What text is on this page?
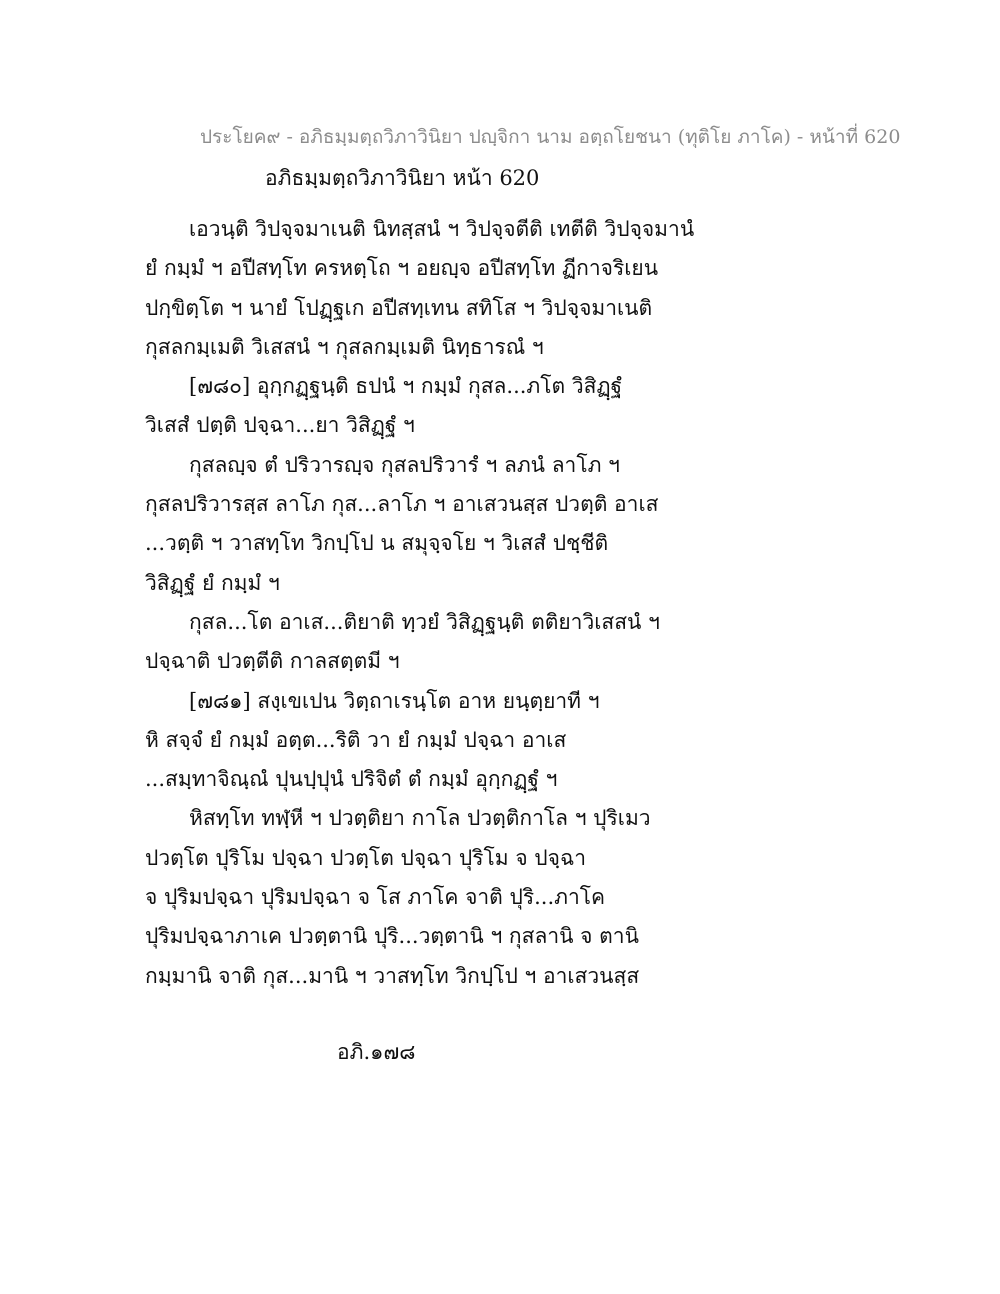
ประโยค๙ - อภิธมฺมตฺถวิภาวินิยา ปญฺจิกา นาม อตฺถโยชนา (ทุติโย ภาโค) - หน้าที่ 620
อภิธมฺมตฺถวิภาวินิยา หน้า 620
เอวนฺติ วิปจฺจมาเนติ นิทสฺสนํ ฯ วิปจฺจตีติ เทตีติ วิปจฺจมานํ
ยํ กมฺมํ ฯ อปีสทฺโท ครหตฺโถ ฯ อยญฺจ อปีสทฺโท ฏีกาจริเยน
ปกฺขิตฺโต ฯ นายํ โปฏฺฐเก อปีสทฺเทน สทิโส ฯ วิปจฺจมาเนติ
กุสลกมฺเมติ วิเสสนํ ฯ กุสลกมฺเมติ นิทฺธารณํ ฯ
[๗๘๐] อุกฺกฏฺฐนฺติ ธปนํ ฯ กมฺมํ กุสล...ภโต วิสิฏฺฐํ
วิเสสํ ปตฺติ ปจฺฉา...ยา วิสิฏฺฐํ ฯ
กุสลญฺจ ตํ ปริวารญฺจ กุสลปริวารํ ฯ ลภนํ ลาโภ ฯ
กุสลปริวารสฺส ลาโภ กุส...ลาโภ ฯ อาเสวนสฺส ปวตฺติ อาเส
...วตฺติ ฯ วาสทฺโท วิกปฺโป น สมุจฺจโย ฯ วิเสสํ ปชฺชีติ
วิสิฏฺฐํ ยํ กมฺมํ ฯ
กุสล...โต อาเส...ติยาติ ทฺวยํ วิสิฏฺฐนฺติ ตติยาวิเสสนํ ฯ
ปจฺฉาติ ปวตฺตีติ กาลสตฺตมี ฯ
[๗๘๑] สงฺเขเปน วิตฺถาเรนฺโต อาห ยนฺตฺยาที ฯ
หิ สจฺจํ ยํ กมฺมํ อตฺต...ริติ วา ยํ กมฺมํ ปจฺฉา อาเส
...สมฺทาจิณฺณํ ปุนปฺปุนํ ปริจิตํ ตํ กมฺมํ อุกฺกฏฺฐํ ฯ
หิสทฺโท ทฬฺหี ฯ ปวตฺติยา กาโล ปวตฺติกาโล ฯ ปุริเมว
ปวตฺโต ปุริโม ปจฺฉา ปวตฺโต ปจฺฉา ปุริโม จ ปจฺฉา
จ ปุริมปจฺฉา ปุริมปจฺฉา จ โส ภาโค จาติ ปุริ...ภาโค
ปุริมปจฺฉาภาเค ปวตฺตานิ ปุริ...วตฺตานิ ฯ กุสลานิ จ ตานิ
กมฺมานิ จาติ กุส...มานิ ฯ วาสทฺโท วิกปฺโป ฯ อาเสวนสฺส
อภิ.๑๗๘
